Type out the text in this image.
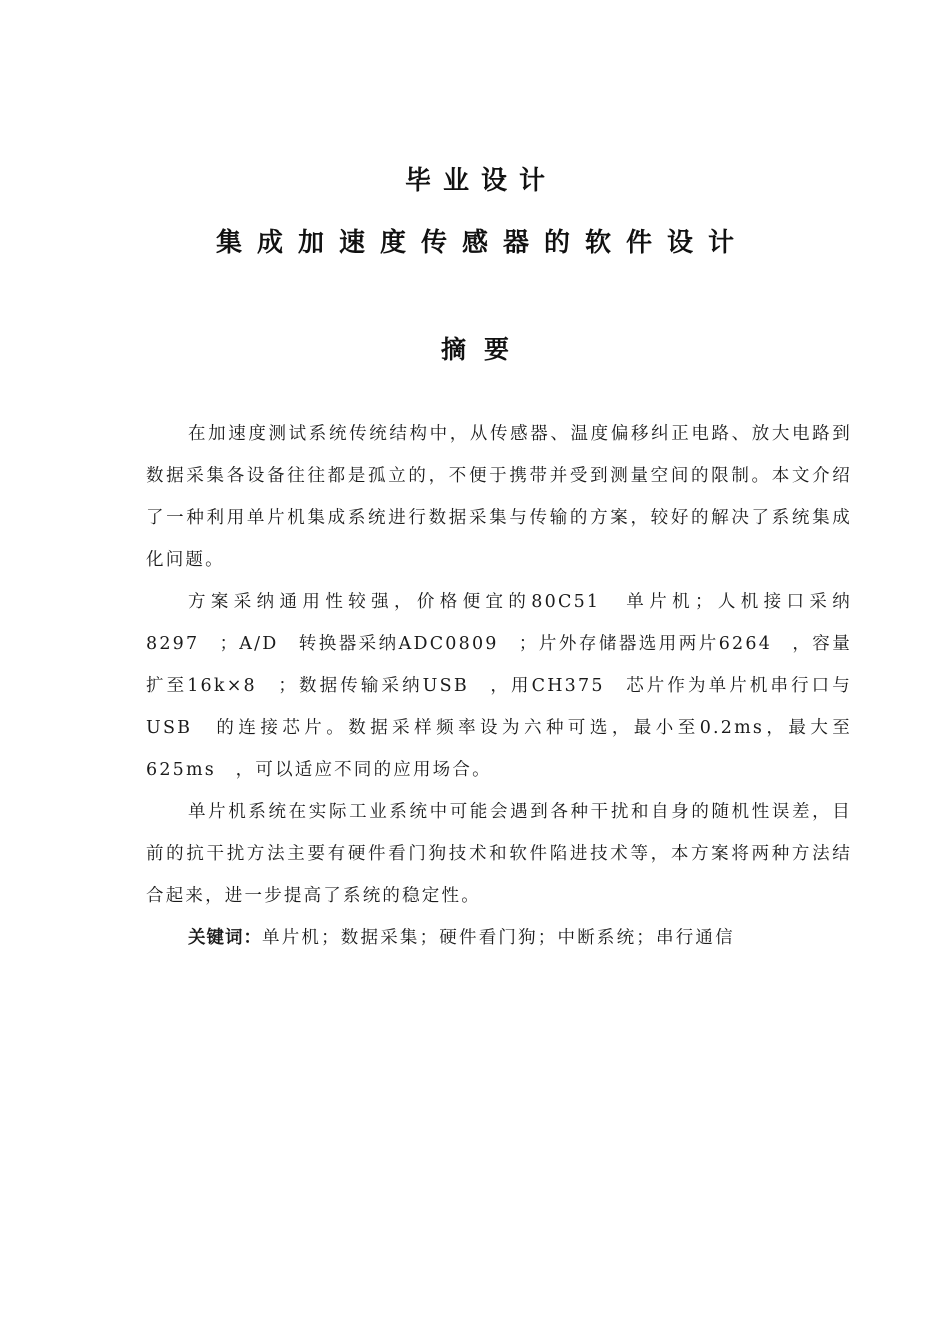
毕业设计
集成加速度传感器的软件设计
摘要

在加速度测试系统传统结构中，从传感器、温度偏移纠正电路、放大电路到数据采集各设备往往都是孤立的，不便于携带并受到测量空间的限制。本文介绍了一种利用单片机集成系统进行数据采集与传输的方案，较好的解决了系统集成化问题。

方案采纳通用性较强，价格便宜的80C51　单片机；人机接口采纳8297　；A/D　转换器采纳ADC0809　；片外存储器选用两片6264　，容量扩至16k×8　；数据传输采纳USB　，用CH375　芯片作为单片机串行口与USB　的连接芯片。数据采样频率设为六种可选，最小至0.2ms，最大至625ms　，可以适应不同的应用场合。

单片机系统在实际工业系统中可能会遇到各种干扰和自身的随机性误差，目前的抗干扰方法主要有硬件看门狗技术和软件陷进技术等，本方案将两种方法结合起来，进一步提高了系统的稳定性。

关键词：单片机；数据采集；硬件看门狗；中断系统；串行通信
